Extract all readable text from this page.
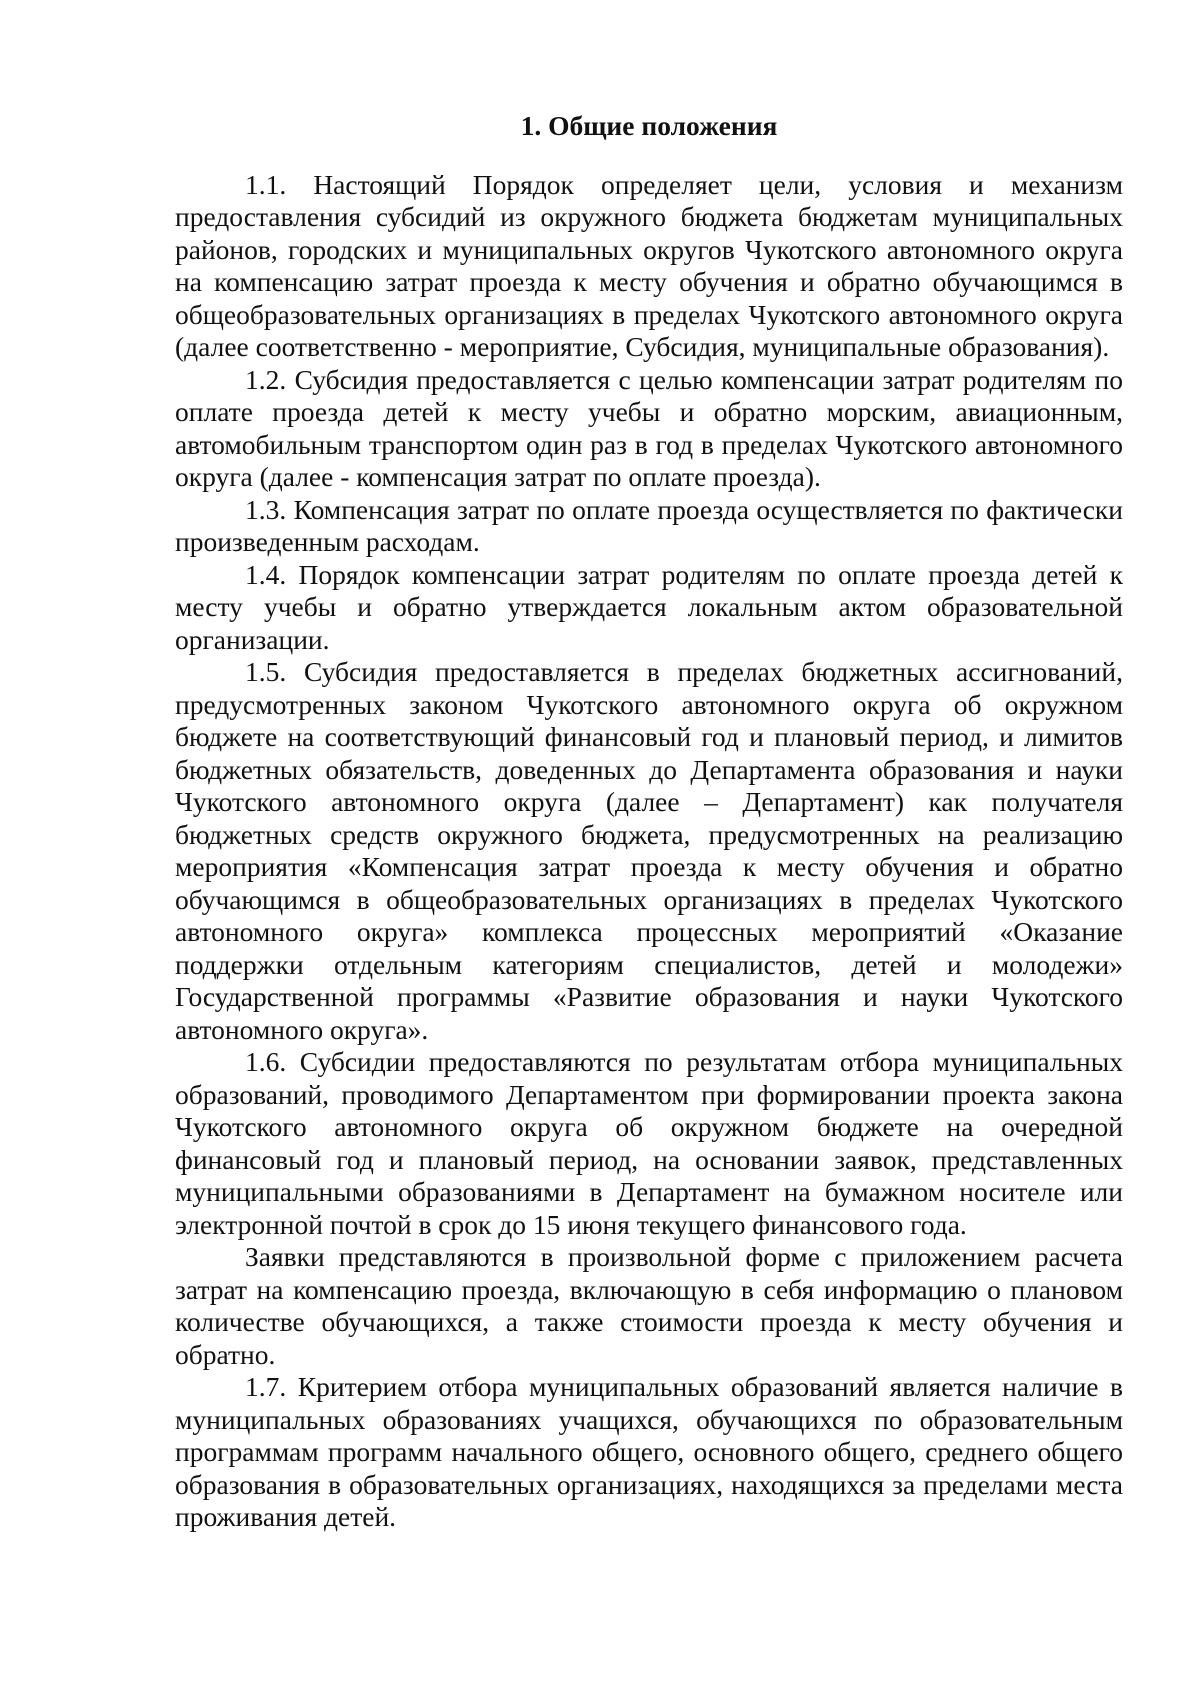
1. Общие положения

1.1. Настоящий Порядок определяет цели, условия и механизм предоставления субсидий из окружного бюджета бюджетам муниципальных районов, городских и муниципальных округов Чукотского автономного округа на компенсацию затрат проезда к месту обучения и обратно обучающимся в общеобразовательных организациях в пределах Чукотского автономного округа (далее соответственно - мероприятие, Субсидия, муниципальные образования).

1.2. Субсидия предоставляется с целью компенсации затрат родителям по оплате проезда детей к месту учебы и обратно морским, авиационным, автомобильным транспортом один раз в год в пределах Чукотского автономного округа (далее - компенсация затрат по оплате проезда).

1.3. Компенсация затрат по оплате проезда осуществляется по фактически произведенным расходам.

1.4. Порядок компенсации затрат родителям по оплате проезда детей к месту учебы и обратно утверждается локальным актом образовательной организации.

1.5. Субсидия предоставляется в пределах бюджетных ассигнований, предусмотренных законом Чукотского автономного округа об окружном бюджете на соответствующий финансовый год и плановый период, и лимитов бюджетных обязательств, доведенных до Департамента образования и науки Чукотского автономного округа (далее – Департамент) как получателя бюджетных средств окружного бюджета, предусмотренных на реализацию мероприятия «Компенсация затрат проезда к месту обучения и обратно обучающимся в общеобразовательных организациях в пределах Чукотского автономного округа» комплекса процессных мероприятий «Оказание поддержки отдельным категориям специалистов, детей и молодежи» Государственной программы «Развитие образования и науки Чукотского автономного округа».

1.6. Субсидии предоставляются по результатам отбора муниципальных образований, проводимого Департаментом при формировании проекта закона Чукотского автономного округа об окружном бюджете на очередной финансовый год и плановый период, на основании заявок, представленных муниципальными образованиями в Департамент на бумажном носителе или электронной почтой в срок до 15 июня текущего финансового года.

Заявки представляются в произвольной форме с приложением расчета затрат на компенсацию проезда, включающую в себя информацию о плановом количестве обучающихся, а также стоимости проезда к месту обучения и обратно.

1.7. Критерием отбора муниципальных образований является наличие в муниципальных образованиях учащихся, обучающихся по образовательным программам программ начального общего, основного общего, среднего общего образования в образовательных организациях, находящихся за пределами места проживания детей.
